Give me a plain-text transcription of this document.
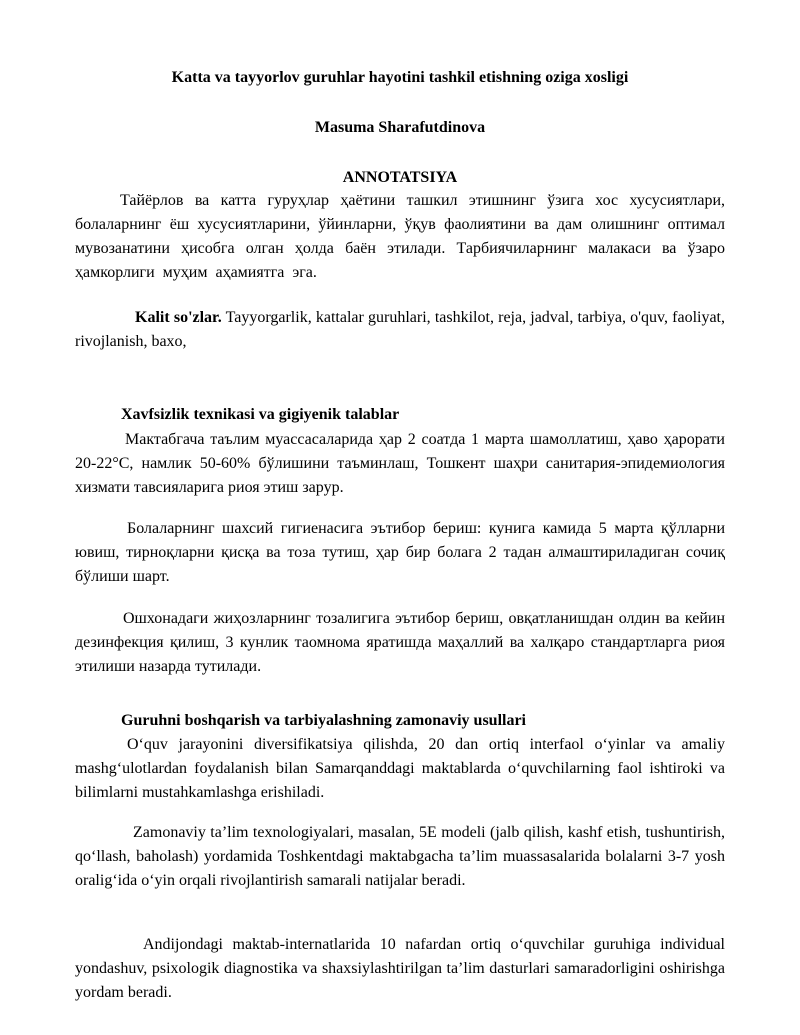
Katta va tayyorlov guruhlar hayotini tashkil etishning oziga xosligi

Masuma Sharafutdinova

ANNOTATSIYA

Тайёрлов ва катта гуруҳлар ҳаётини ташкил этишнинг ўзига хос хусусиятлари, болаларнинг ёш хусусиятларини, ўйинларни, ўқув фаолиятини ва дам олишнинг оптимал мувозанатини ҳисобга олган ҳолда баён этилади. Тарбиячиларнинг малакаси ва ўзаро ҳамкорлиги муҳим аҳамиятга эга.

Kalit so'zlar. Tayyorgarlik, kattalar guruhlari, tashkilot, reja, jadval, tarbiya, o'quv, faoliyat, rivojlanish, baxo,

Xavfsizlik texnikasi va gigiyenik talablar

Мактабгача таълим муассасаларида ҳар 2 соатда 1 марта шамоллатиш, ҳаво ҳарорати 20-22°C, намлик 50-60% бўлишини таъминлаш, Тошкент шаҳри санитария-эпидемиология хизмати тавсияларига риоя этиш зарур.

Болаларнинг шахсий гигиенасига эътибор бериш: кунига камида 5 марта қўлларни ювиш, тирноқларни қисқа ва тоза тутиш, ҳар бир болага 2 тадан алмаштириладиган сочиқ бўлиши шарт.

Ошхонадаги жиҳозларнинг тозалигига эътибор бериш, овқатланишдан олдин ва кейин дезинфекция қилиш, 3 кунлик таомнома яратишда маҳаллий ва халқаро стандартларга риоя этилиши назарда тутилади.

Guruhni boshqarish va tarbiyalashning zamonaviy usullari

O‘quv jarayonini diversifikatsiya qilishda, 20 dan ortiq interfaol o‘yinlar va amaliy mashg‘ulotlardan foydalanish bilan Samarqanddagi maktablarda o‘quvchilarning faol ishtiroki va bilimlarni mustahkamlashga erishiladi.

Zamonaviy ta’lim texnologiyalari, masalan, 5E modeli (jalb qilish, kashf etish, tushuntirish, qo‘llash, baholash) yordamida Toshkentdagi maktabgacha ta’lim muassasalarida bolalarni 3-7 yosh oralig‘ida o‘yin orqali rivojlantirish samarali natijalar beradi.

Andijondagi maktab-internatlarida 10 nafardan ortiq o‘quvchilar guruhiga individual yondashuv, psixologik diagnostika va shaxsiylashtirilgan ta’lim dasturlari samaradorligini oshirishga yordam beradi.
